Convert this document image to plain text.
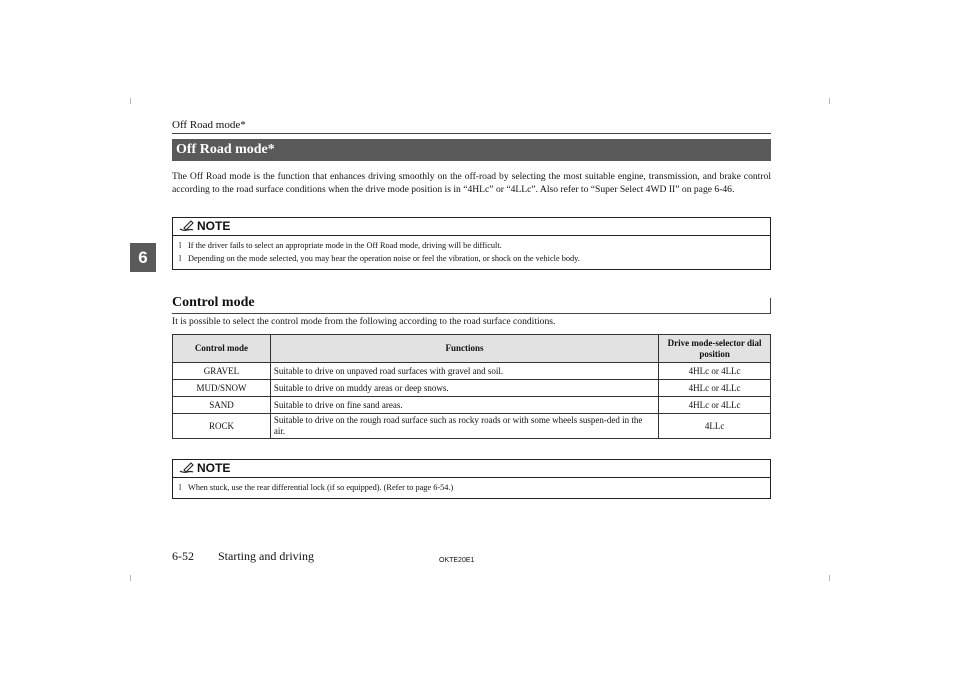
Off Road mode*
Off Road mode*

The Off Road mode is the function that enhances driving smoothly on the off-road by selecting the most suitable engine, transmission, and brake control according to the road surface conditions when the drive mode position is in “4HLc” or “4LLc”. Also refer to “Super Select 4WD II” on page 6-46.

6
NOTE
l If the driver fails to select an appropriate mode in the Off Road mode, driving will be difficult.
l Depending on the mode selected, you may hear the operation noise or feel the vibration, or shock on the vehicle body.
Control mode
It is possible to select the control mode from the following according to the road surface conditions.
Control mode	Functions	Drive mode-selector dial position
GRAVEL	Suitable to drive on unpaved road surfaces with gravel and soil.	4HLc or 4LLc
MUD/SNOW	Suitable to drive on muddy areas or deep snows.	4HLc or 4LLc
SAND	Suitable to drive on fine sand areas.	4HLc or 4LLc
ROCK	Suitable to drive on the rough road surface such as rocky roads or with some wheels suspen-ded in the air.	4LLc
NOTE
l When stuck, use the rear differential lock (if so equipped). (Refer to page 6-54.)
6-52 Starting and driving	OKTE20E1
